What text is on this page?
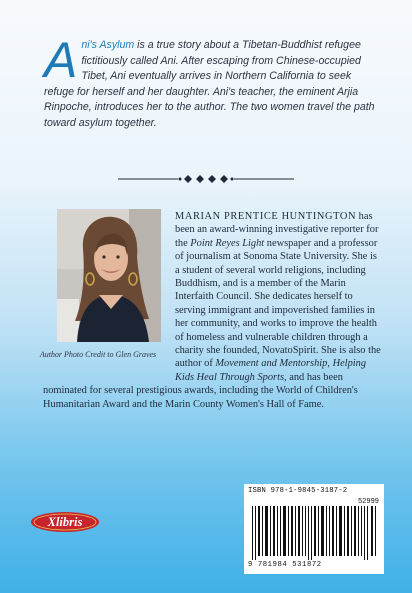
Ani's Asylum is a true story about a Tibetan-Buddhist refugee fictitiously called Ani. After escaping from Chinese-occupied Tibet, Ani eventually arrives in Northern California to seek refuge for herself and her daughter. Ani's teacher, the eminent Arjia Rinpoche, introduces her to the author. The two women travel the path toward asylum together.

Author Photo Credit to Glen Graves

MARIAN PRENTICE HUNTINGTON has been an award-winning investigative reporter for the Point Reyes Light newspaper and a professor of journalism at Sonoma State University. She is a student of several world religions, including Buddhism, and is a member of the Marin Interfaith Council. She dedicates herself to serving immigrant and impoverished families in her community, and works to improve the health of homeless and vulnerable children through a charity she founded, NovatoSpirit. She is also the author of Movement and Mentorship, Helping Kids Heal Through Sports, and has been nominated for several prestigious awards, including the World of Children's Humanitarian Award and the Marin County Women's Hall of Fame.

ISBN 978-1-9845-3187-2
52999
9 781984 531872
Xlibris
